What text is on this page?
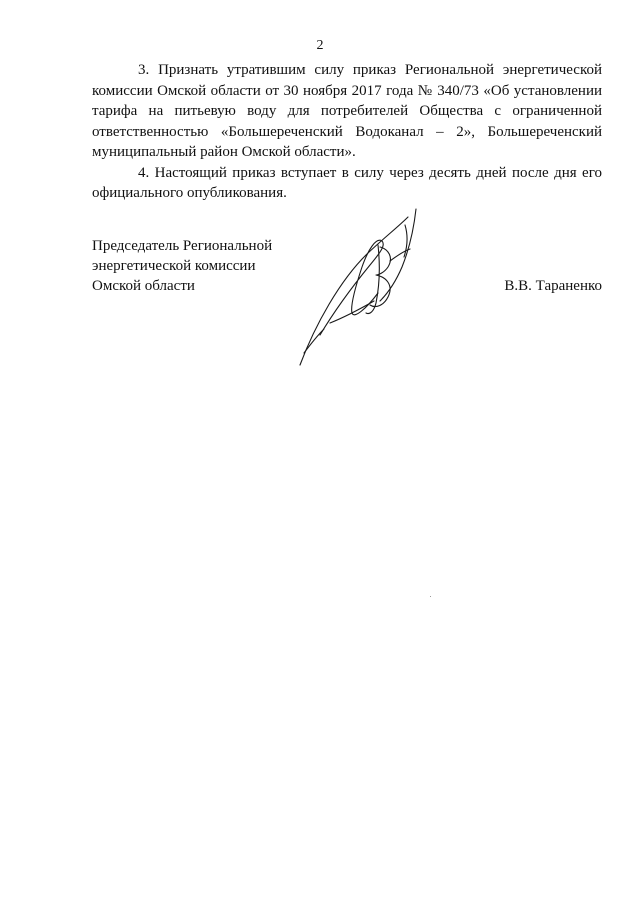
2

3. Признать утратившим силу приказ Региональной энергетической комиссии Омской области от 30 ноября 2017 года № 340/73 «Об установлении тарифа на питьевую воду для потребителей Общества с ограниченной ответственностью «Большереченский Водоканал – 2», Большереченский муниципальный район Омской области».

4. Настоящий приказ вступает в силу через десять дней после дня его официального опубликования.

Председатель Региональной
энергетической комиссии
Омской области	В.В. Тараненко
